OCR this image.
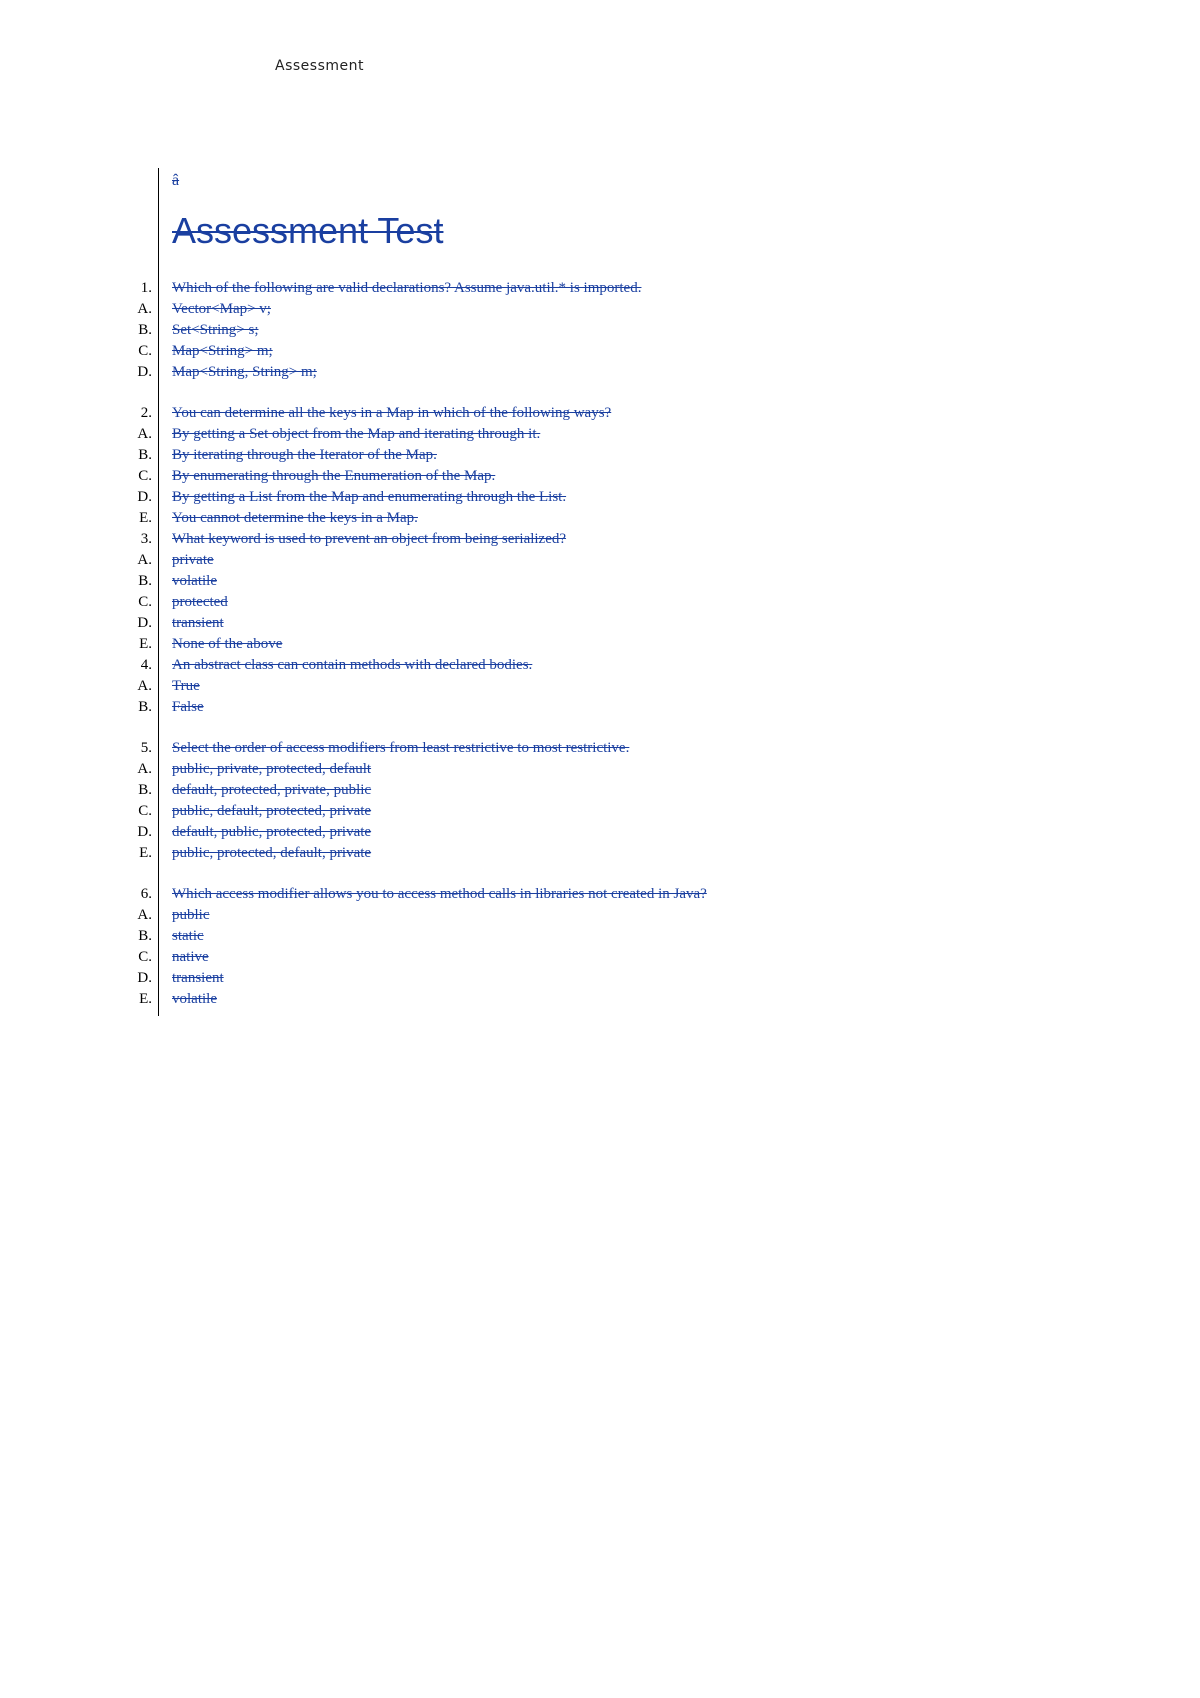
Assessment
â
Assessment Test
1. Which of the following are valid declarations? Assume java.util.* is imported.
A. Vector<Map> v;
B. Set<String> s;
C. Map<String> m;
D. Map<String, String> m;
2. You can determine all the keys in a Map in which of the following ways?
A. By getting a Set object from the Map and iterating through it.
B. By iterating through the Iterator of the Map.
C. By enumerating through the Enumeration of the Map.
D. By getting a List from the Map and enumerating through the List.
E. You cannot determine the keys in a Map.
3. What keyword is used to prevent an object from being serialized?
A. private
B. volatile
C. protected
D. transient
E. None of the above
4. An abstract class can contain methods with declared bodies.
A. True
B. False
5. Select the order of access modifiers from least restrictive to most restrictive.
A. public, private, protected, default
B. default, protected, private, public
C. public, default, protected, private
D. default, public, protected, private
E. public, protected, default, private
6. Which access modifier allows you to access method calls in libraries not created in Java?
A. public
B. static
C. native
D. transient
E. volatile
